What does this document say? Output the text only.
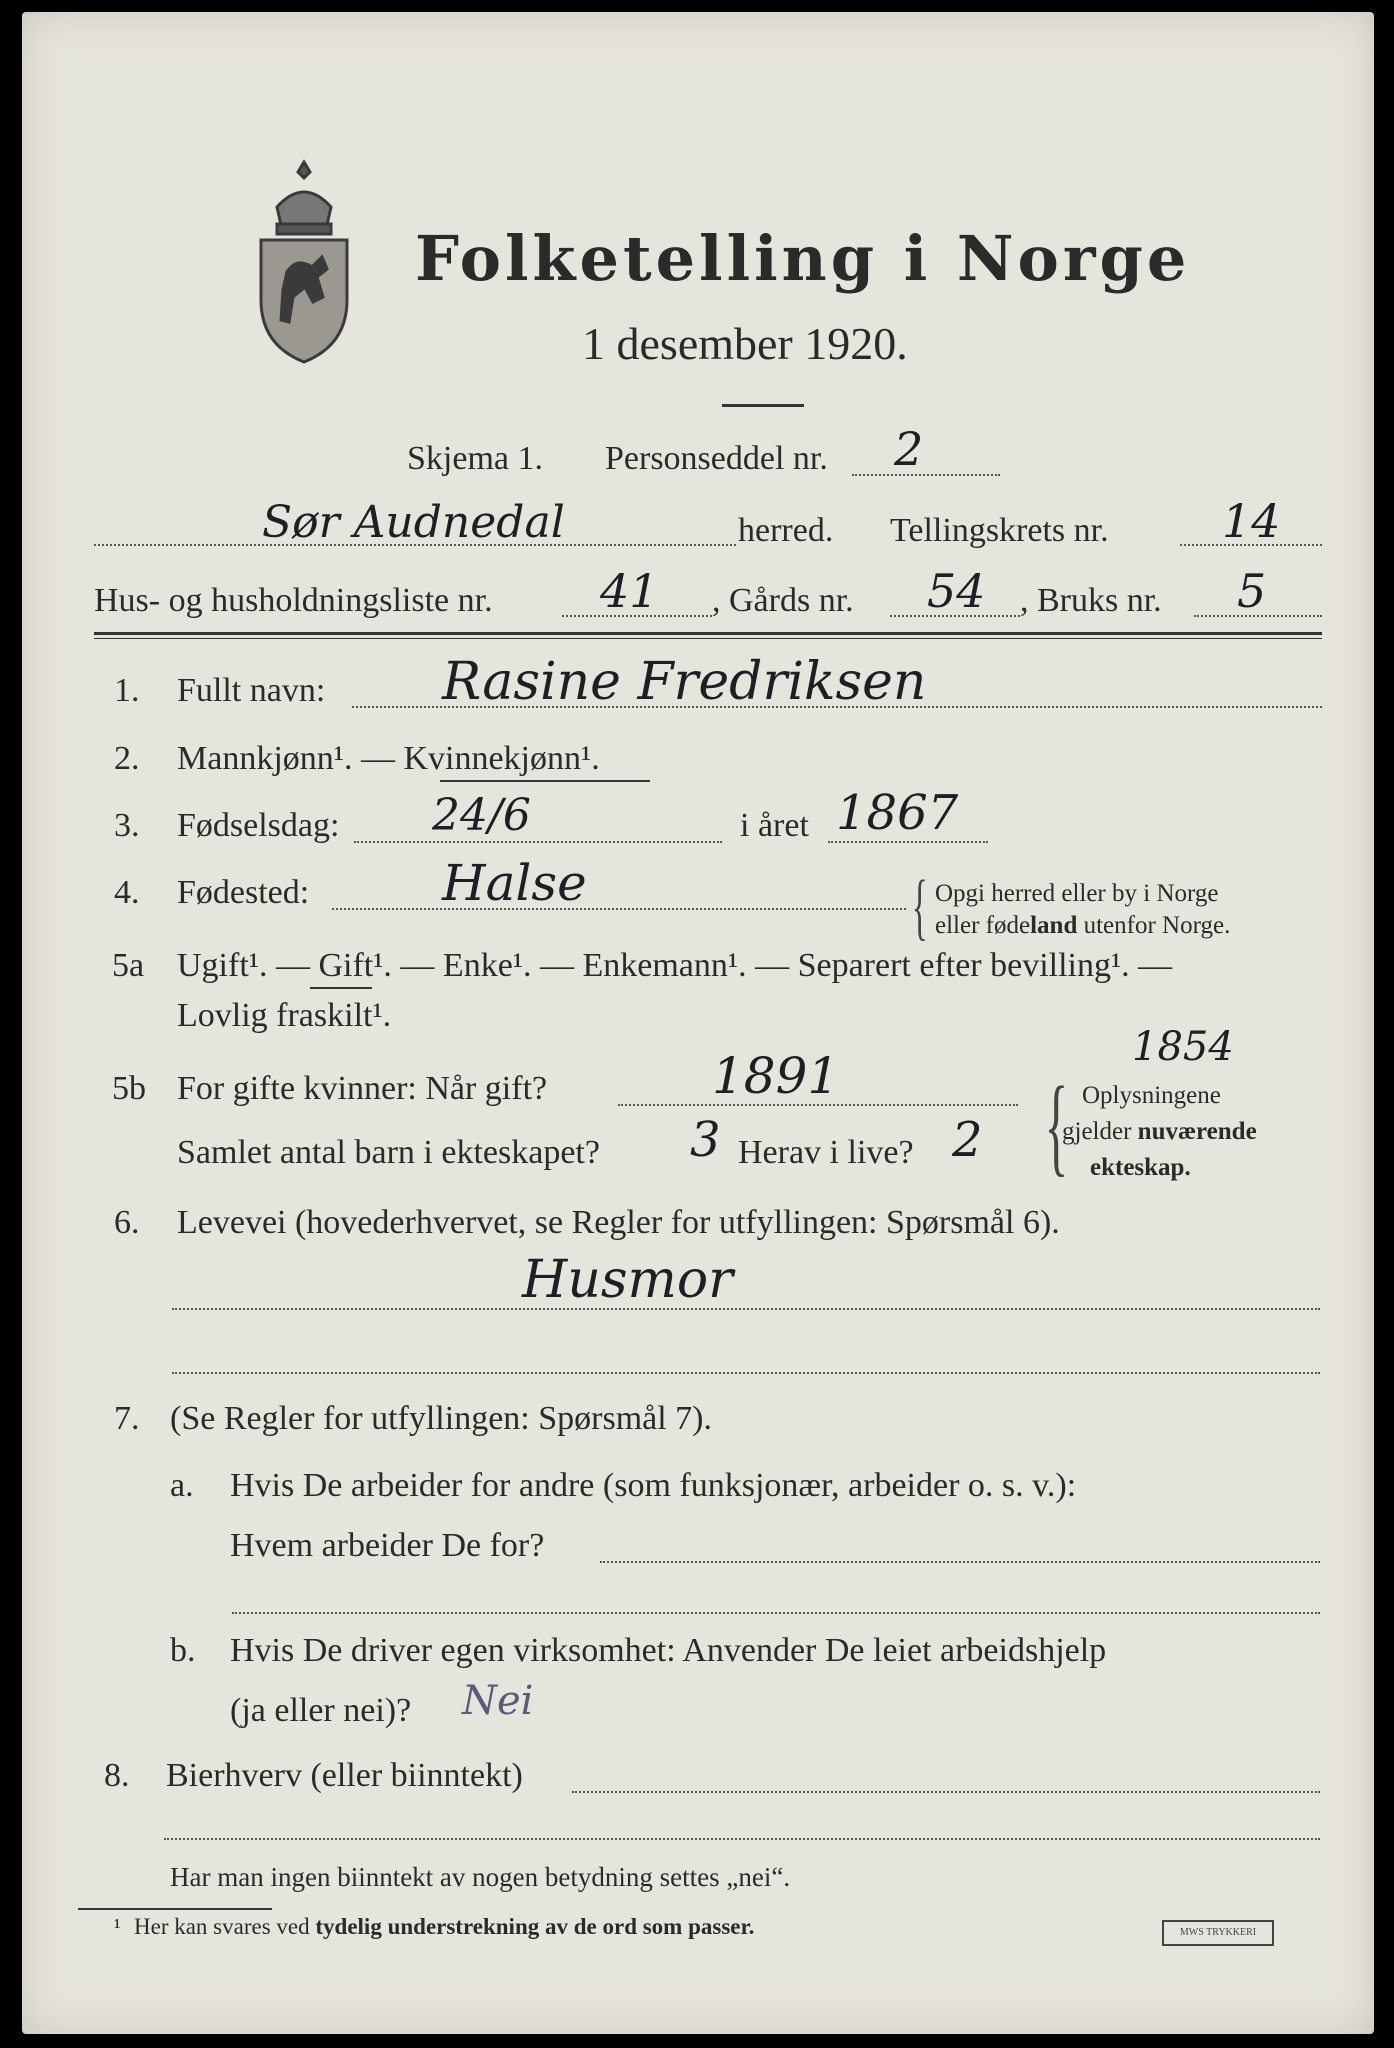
Folketelling i Norge
1 desember 1920.
Skjema 1. Personseddel nr. 2
Sør Audnedal	herred. Tellingskrets nr. 14
Hus- og husholdningsliste nr. 41 , Gårds nr. 54 , Bruks nr. 5
1. Fullt navn: Rasine Fredriksen
2. Mannkjønn¹. — Kvinnekjønn¹.
3. Fødselsdag: 24/6	i året 1867
4. Fødested:	Halse	{ Opgi herred eller by i Norge
eller fødeland utenfor Norge.
5a Ugift¹. — Gift¹. — Enke¹. — Enkemann¹. — Separert efter bevilling¹. —
Lovlig fraskilt¹.
5b For gifte kvinner: Når gift?	1891	1854
Samlet antal barn i ekteskapet? 3 Herav i live? 2 { Oplysningene
gjelder nuværende
ekteskap.
6. Levevei (hovederhvervet, se Regler for utfyllingen: Spørsmål 6).
Husmor
7. (Se Regler for utfyllingen: Spørsmål 7).
a. Hvis De arbeider for andre (som funksjonær, arbeider o. s. v.):
Hvem arbeider De for?
b. Hvis De driver egen virksomhet: Anvender De leiet arbeidshjelp
(ja eller nei)? Nei
8. Bierhverv (eller biinntekt)
Har man ingen biinntekt av nogen betydning settes „nei“.
¹ Her kan svares ved tydelig understrekning av de ord som passer.	MWS TRYKKERI
